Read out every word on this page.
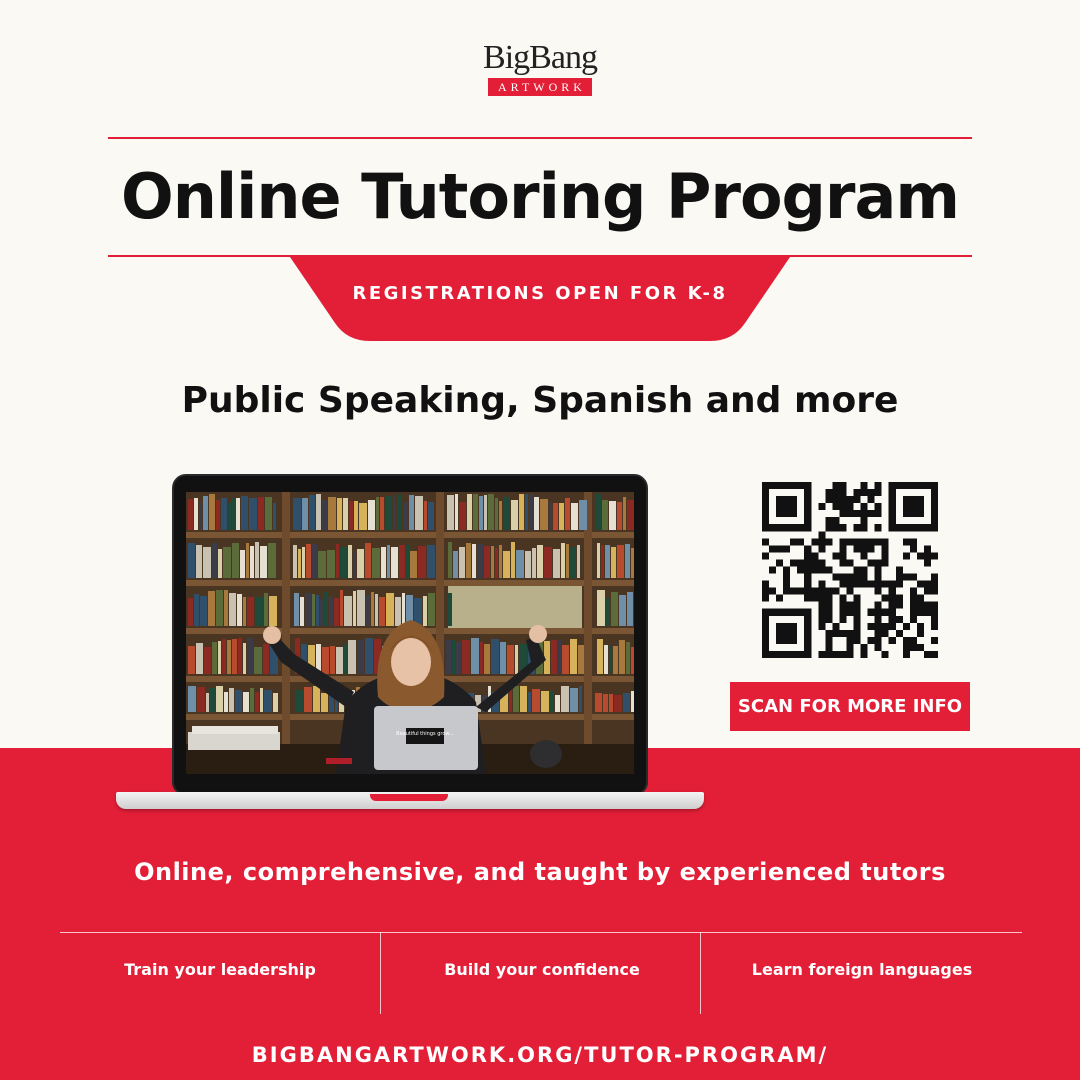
BigBang
ARTWORK
Online Tutoring Program
REGISTRATIONS OPEN FOR K-8
Public Speaking, Spanish and more
Beautiful things grow...
SCAN FOR MORE INFO
Online, comprehensive, and taught by experienced tutors
Train your leadership	Build your confidence	Learn foreign languages
BIGBANGARTWORK.ORG/TUTOR-PROGRAM/
